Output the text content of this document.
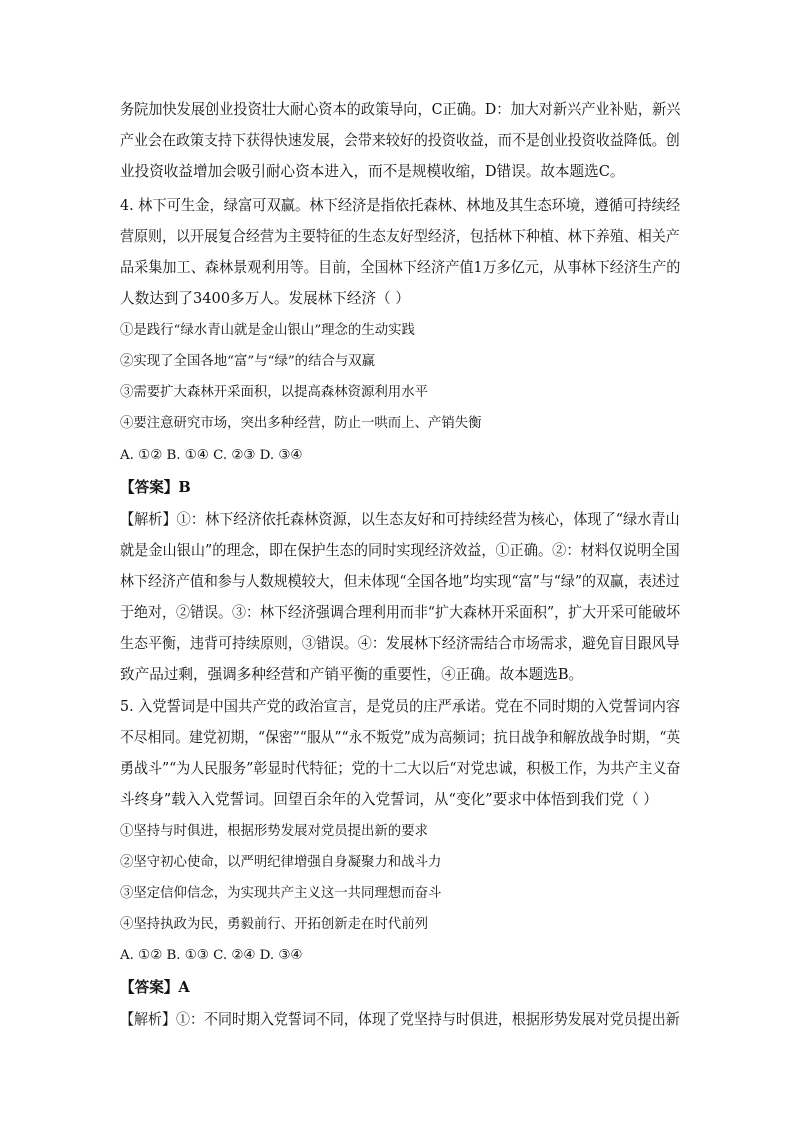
务院加快发展创业投资壮大耐心资本的政策导向，C正确。D：加大对新兴产业补贴，新兴
产业会在政策支持下获得快速发展，会带来较好的投资收益，而不是创业投资收益降低。创
业投资收益增加会吸引耐心资本进入，而不是规模收缩，D错误。故本题选C。
4. 林下可生金，绿富可双赢。林下经济是指依托森林、林地及其生态环境，遵循可持续经
营原则，以开展复合经营为主要特征的生态友好型经济，包括林下种植、林下养殖、相关产
品采集加工、森林景观利用等。目前，全国林下经济产值1万多亿元，从事林下经济生产的
人数达到了3400多万人。发展林下经济（ ）
①是践行“绿水青山就是金山银山”理念的生动实践
②实现了全国各地“富”与“绿”的结合与双赢
③需要扩大森林开采面积，以提高森林资源利用水平
④要注意研究市场，突出多种经营，防止一哄而上、产销失衡
A. ①② B. ①④ C. ②③ D. ③④
【答案】B
【解析】①：林下经济依托森林资源，以生态友好和可持续经营为核心，体现了“绿水青山
就是金山银山”的理念，即在保护生态的同时实现经济效益，①正确。②：材料仅说明全国
林下经济产值和参与人数规模较大，但未体现“全国各地”均实现“富”与“绿”的双赢，表述过
于绝对，②错误。③：林下经济强调合理利用而非“扩大森林开采面积”，扩大开采可能破坏
生态平衡，违背可持续原则，③错误。④：发展林下经济需结合市场需求，避免盲目跟风导
致产品过剩，强调多种经营和产销平衡的重要性，④正确。故本题选B。
5. 入党誓词是中国共产党的政治宣言，是党员的庄严承诺。党在不同时期的入党誓词内容
不尽相同。建党初期，“保密”“服从”“永不叛党”成为高频词；抗日战争和解放战争时期，“英
勇战斗”“为人民服务”彰显时代特征；党的十二大以后“对党忠诚，积极工作，为共产主义奋
斗终身”载入入党誓词。回望百余年的入党誓词，从“变化”要求中体悟到我们党（ ）
①坚持与时俱进，根据形势发展对党员提出新的要求
②坚守初心使命，以严明纪律增强自身凝聚力和战斗力
③坚定信仰信念，为实现共产主义这一共同理想而奋斗
④坚持执政为民，勇毅前行、开拓创新走在时代前列
A. ①② B. ①③ C. ②④ D. ③④
【答案】A
【解析】①：不同时期入党誓词不同，体现了党坚持与时俱进，根据形势发展对党员提出新
